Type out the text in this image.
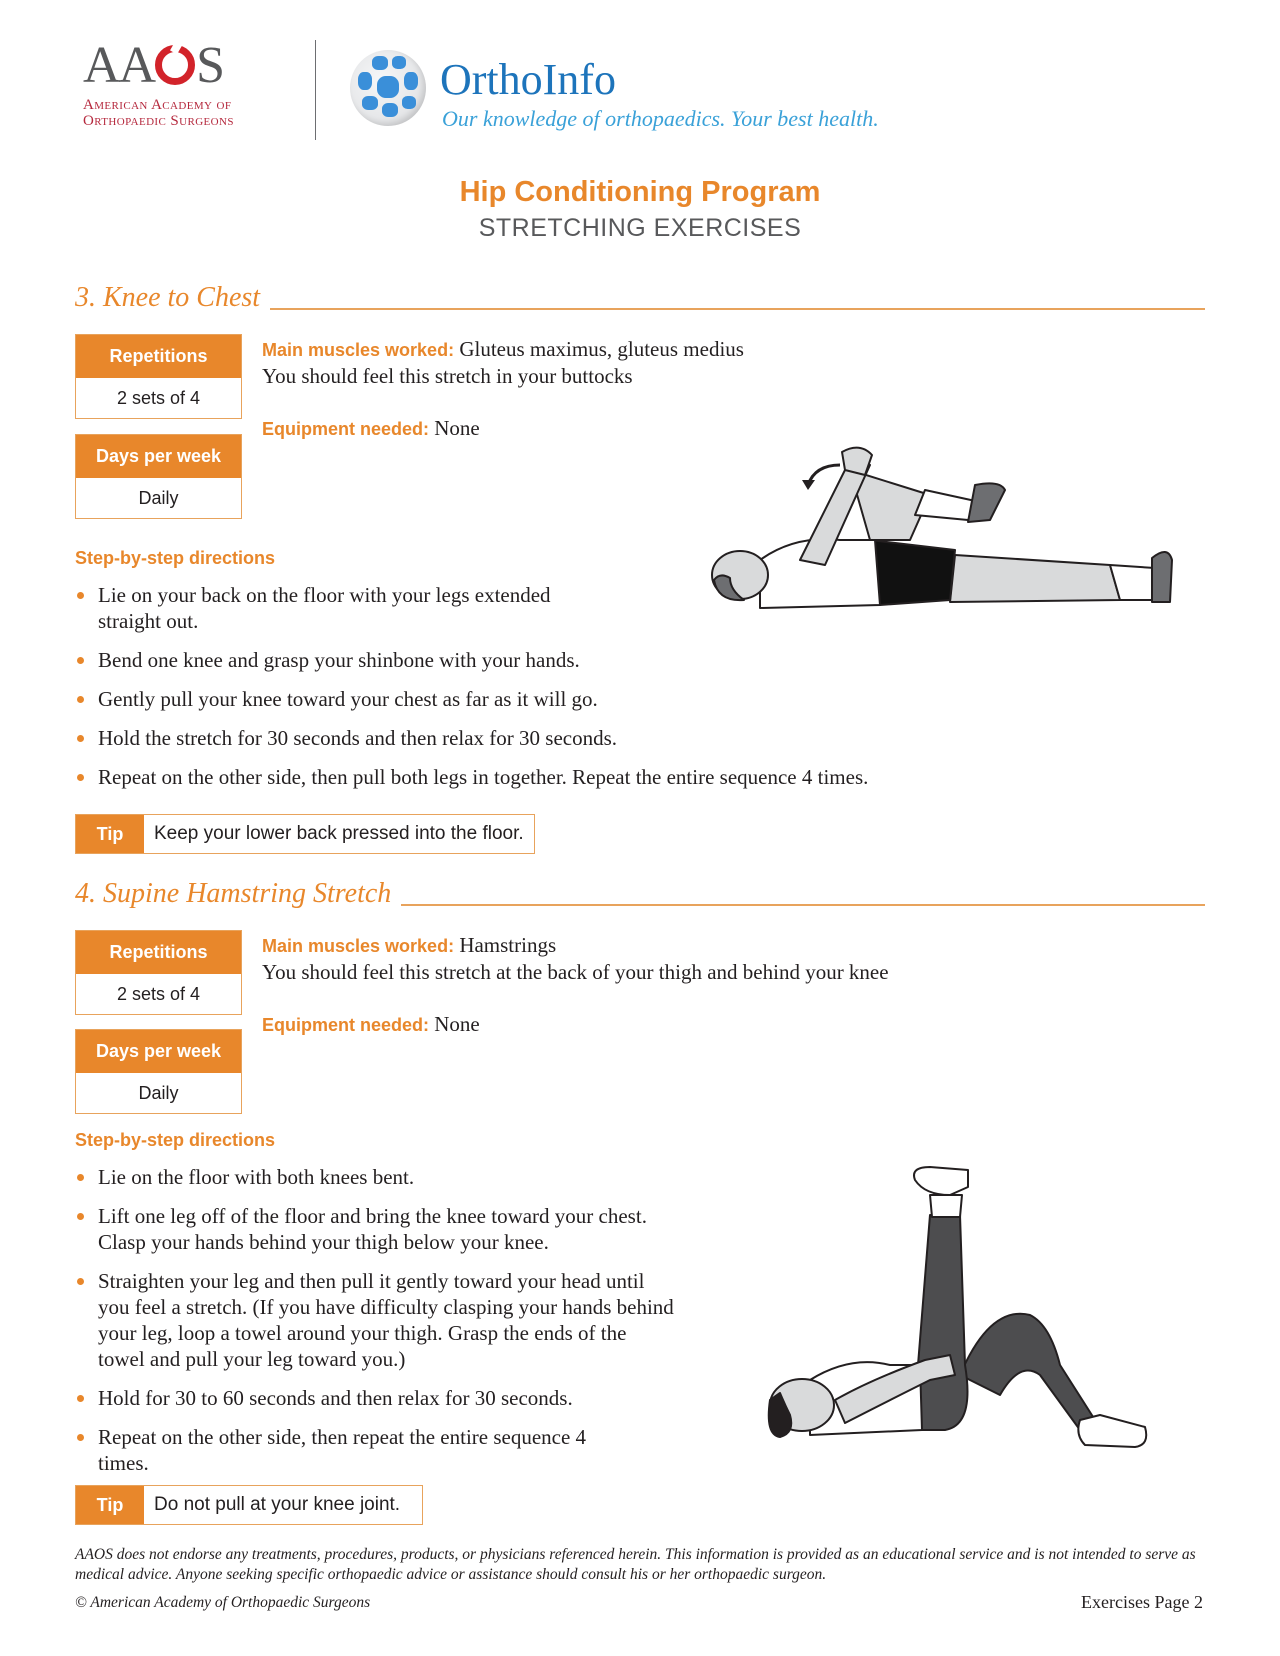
AA S
American Academy of
Orthopaedic Surgeons
OrthoInfo
Our knowledge of orthopaedics. Your best health.
Hip Conditioning Program
STRETCHING EXERCISES
3. Knee to Chest
Repetitions
2 sets of 4
Days per week
Daily
Main muscles worked: Gluteus maximus, gluteus medius
You should feel this stretch in your buttocks
Equipment needed: None
Step-by-step directions
Lie on your back on the floor with your legs extended straight out.
Bend one knee and grasp your shinbone with your hands.
Gently pull your knee toward your chest as far as it will go.
Hold the stretch for 30 seconds and then relax for 30 seconds.
Repeat on the other side, then pull both legs in together. Repeat the entire sequence 4 times.
Tip	Keep your lower back pressed into the floor.
4. Supine Hamstring Stretch
Repetitions
2 sets of 4
Days per week
Daily
Main muscles worked: Hamstrings
You should feel this stretch at the back of your thigh and behind your knee
Equipment needed: None
Step-by-step directions
Lie on the floor with both knees bent.
Lift one leg off of the floor and bring the knee toward your chest. Clasp your hands behind your thigh below your knee.
Straighten your leg and then pull it gently toward your head until you feel a stretch. (If you have difficulty clasping your hands behind your leg, loop a towel around your thigh. Grasp the ends of the towel and pull your leg toward you.)
Hold for 30 to 60 seconds and then relax for 30 seconds.
Repeat on the other side, then repeat the entire sequence 4 times.
Tip	Do not pull at your knee joint.
AAOS does not endorse any treatments, procedures, products, or physicians referenced herein. This information is provided as an educational service and is not intended to serve as medical advice. Anyone seeking specific orthopaedic advice or assistance should consult his or her orthopaedic surgeon.
© American Academy of Orthopaedic Surgeons	Exercises Page 2
